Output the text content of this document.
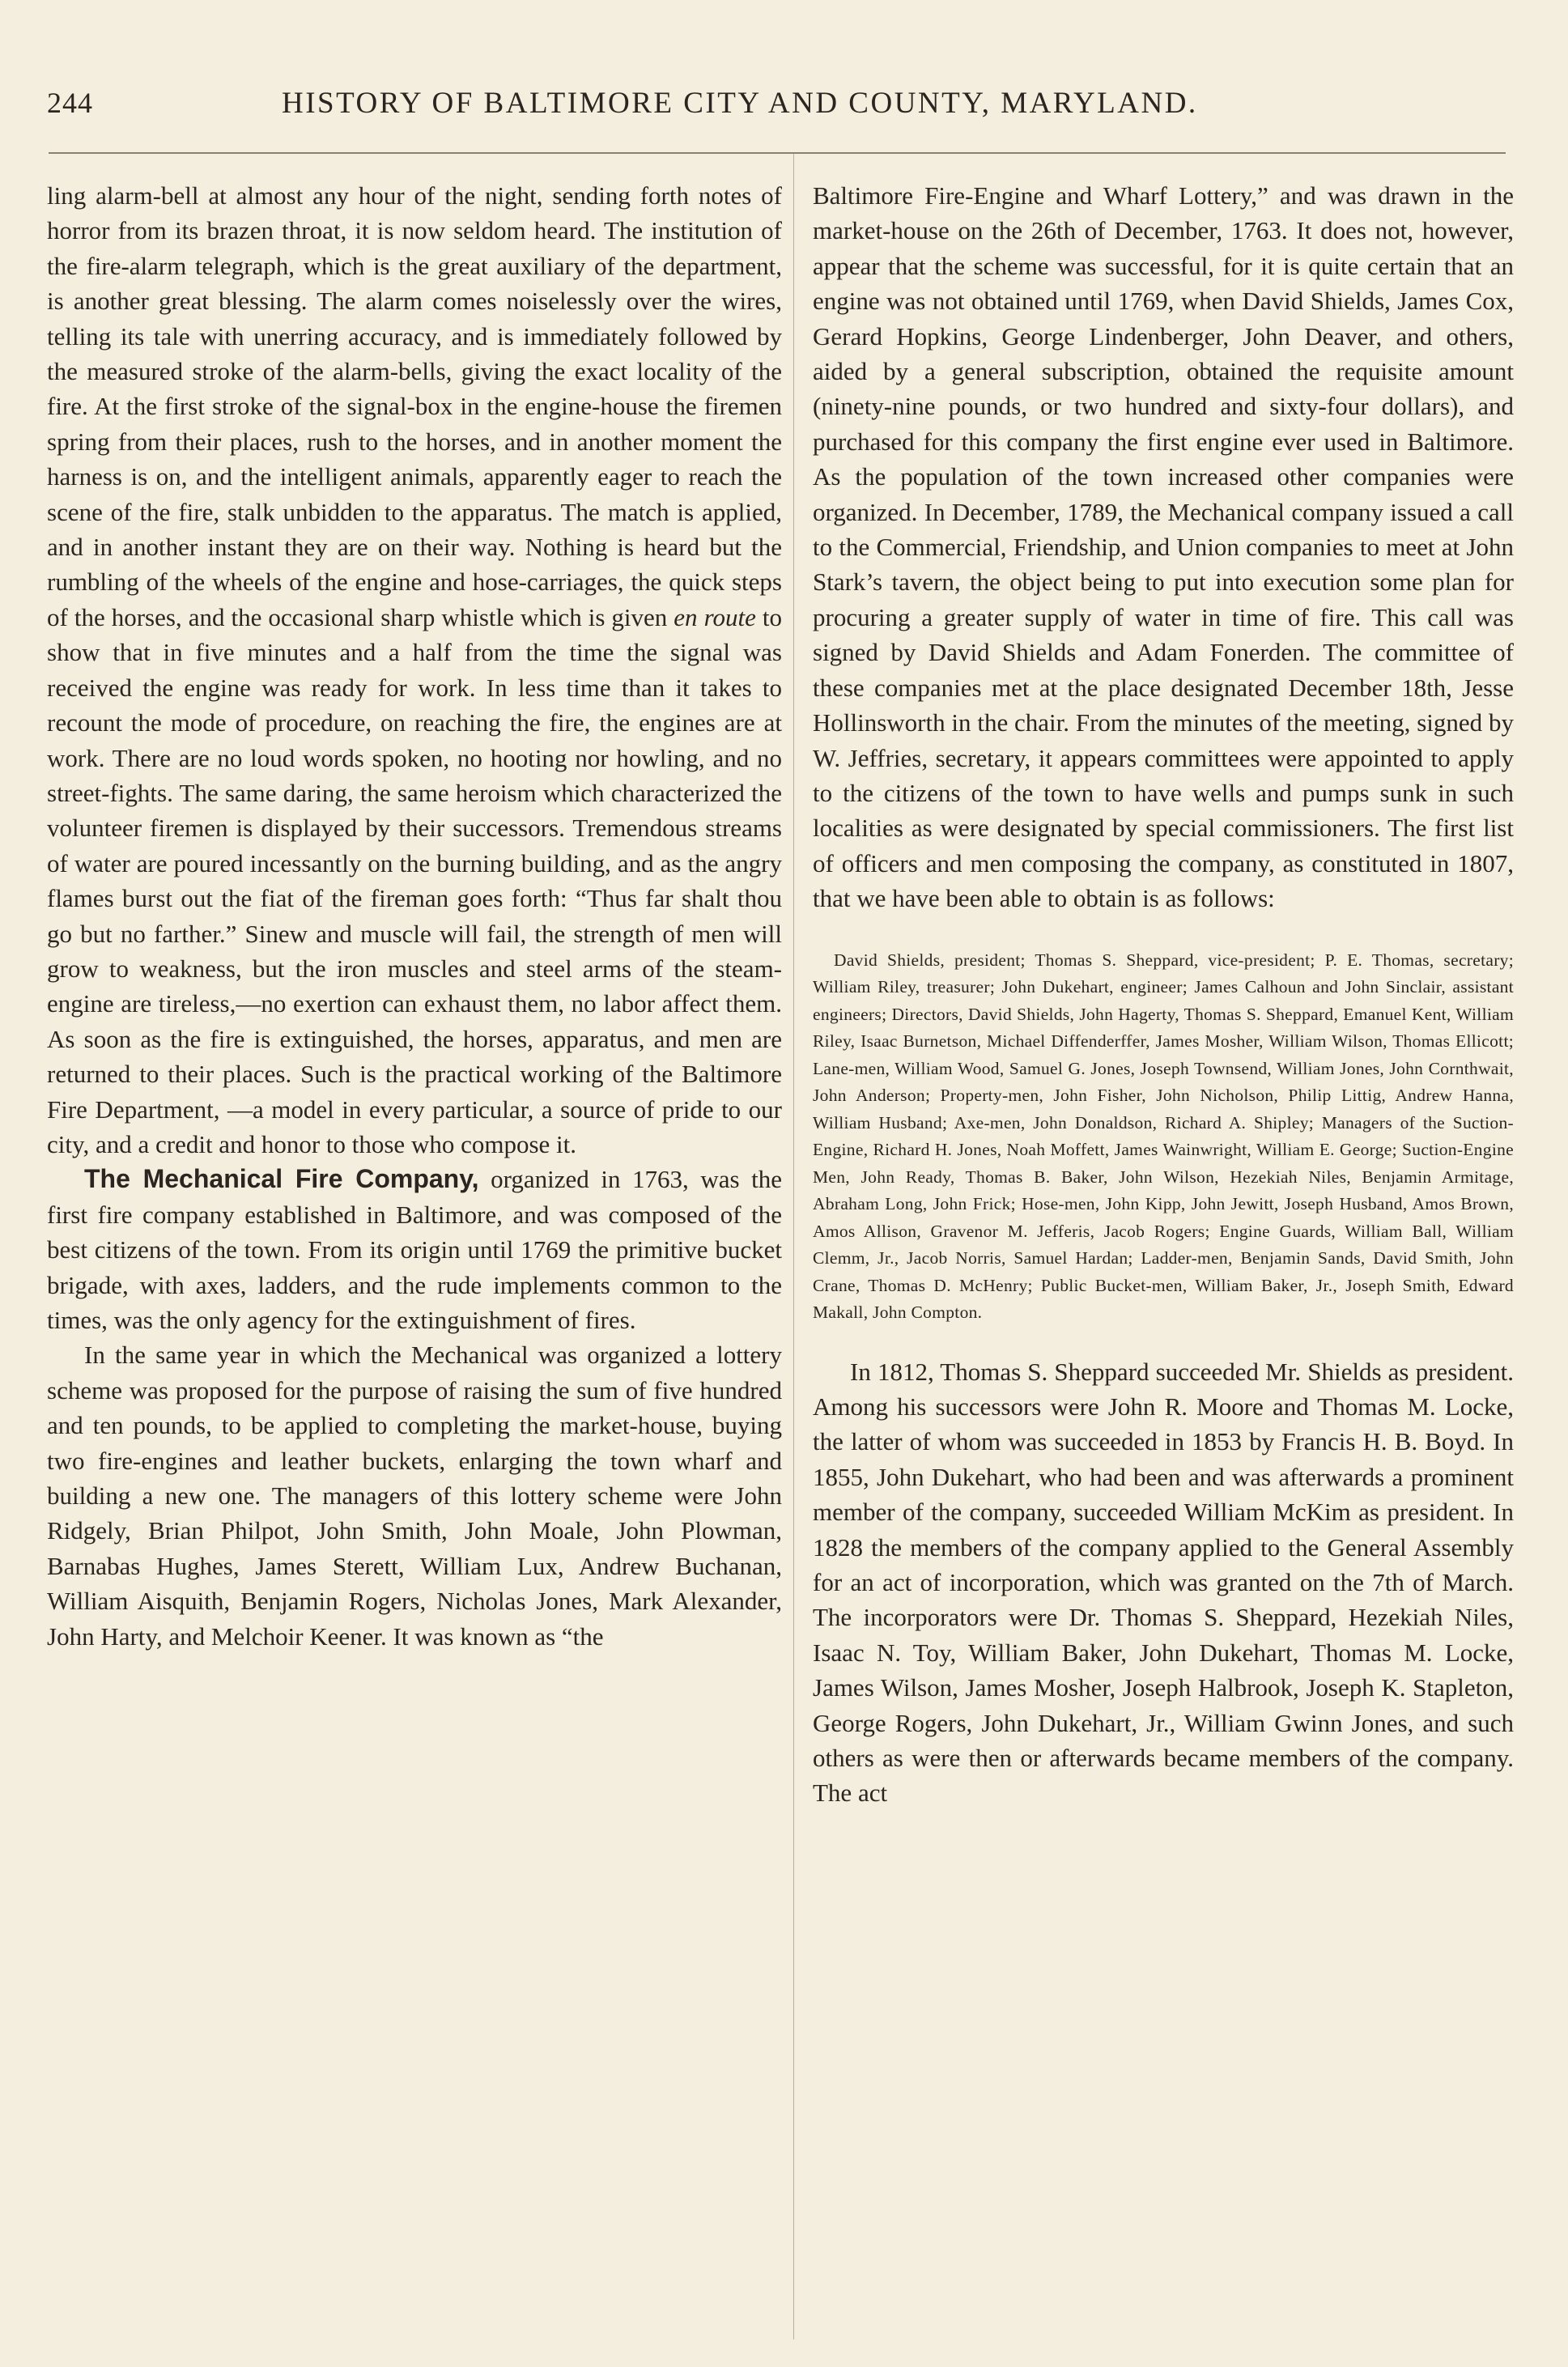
244	HISTORY OF BALTIMORE CITY AND COUNTY, MARYLAND.

ling alarm-bell at almost any hour of the night, sending forth notes of horror from its brazen throat, it is now seldom heard. The institution of the fire-alarm telegraph, which is the great auxiliary of the department, is another great blessing. The alarm comes noiselessly over the wires, telling its tale with unerring accuracy, and is immediately followed by the measured stroke of the alarm-bells, giving the exact locality of the fire. At the first stroke of the signal-box in the engine-house the firemen spring from their places, rush to the horses, and in another moment the harness is on, and the intelligent animals, apparently eager to reach the scene of the fire, stalk unbidden to the apparatus. The match is applied, and in another instant they are on their way. Nothing is heard but the rumbling of the wheels of the engine and hose-carriages, the quick steps of the horses, and the occasional sharp whistle which is given en route to show that in five minutes and a half from the time the signal was received the engine was ready for work. In less time than it takes to recount the mode of procedure, on reaching the fire, the engines are at work. There are no loud words spoken, no hooting nor howling, and no street-fights. The same daring, the same heroism which characterized the volunteer firemen is displayed by their successors. Tremendous streams of water are poured incessantly on the burning building, and as the angry flames burst out the fiat of the fireman goes forth: “Thus far shalt thou go but no farther.” Sinew and muscle will fail, the strength of men will grow to weakness, but the iron muscles and steel arms of the steam-engine are tireless,—no exertion can exhaust them, no labor affect them. As soon as the fire is extinguished, the horses, apparatus, and men are returned to their places. Such is the practical working of the Baltimore Fire Department, —a model in every particular, a source of pride to our city, and a credit and honor to those who compose it.

The Mechanical Fire Company, organized in 1763, was the first fire company established in Baltimore, and was composed of the best citizens of the town. From its origin until 1769 the primitive bucket brigade, with axes, ladders, and the rude implements common to the times, was the only agency for the extinguishment of fires.

In the same year in which the Mechanical was organized a lottery scheme was proposed for the purpose of raising the sum of five hundred and ten pounds, to be applied to completing the market-house, buying two fire-engines and leather buckets, enlarging the town wharf and building a new one. The managers of this lottery scheme were John Ridgely, Brian Philpot, John Smith, John Moale, John Plowman, Barnabas Hughes, James Sterett, William Lux, Andrew Buchanan, William Aisquith, Benjamin Rogers, Nicholas Jones, Mark Alexander, John Harty, and Melchoir Keener. It was known as “the

Baltimore Fire-Engine and Wharf Lottery,” and was drawn in the market-house on the 26th of December, 1763. It does not, however, appear that the scheme was successful, for it is quite certain that an engine was not obtained until 1769, when David Shields, James Cox, Gerard Hopkins, George Lindenberger, John Deaver, and others, aided by a general subscription, obtained the requisite amount (ninety-nine pounds, or two hundred and sixty-four dollars), and purchased for this company the first engine ever used in Baltimore. As the population of the town increased other companies were organized. In December, 1789, the Mechanical company issued a call to the Commercial, Friendship, and Union companies to meet at John Stark’s tavern, the object being to put into execution some plan for procuring a greater supply of water in time of fire. This call was signed by David Shields and Adam Fonerden. The committee of these companies met at the place designated December 18th, Jesse Hollinsworth in the chair. From the minutes of the meeting, signed by W. Jeffries, secretary, it appears committees were appointed to apply to the citizens of the town to have wells and pumps sunk in such localities as were designated by special commissioners. The first list of officers and men composing the company, as constituted in 1807, that we have been able to obtain is as follows:

David Shields, president; Thomas S. Sheppard, vice-president; P. E. Thomas, secretary; William Riley, treasurer; John Dukehart, engineer; James Calhoun and John Sinclair, assistant engineers; Directors, David Shields, John Hagerty, Thomas S. Sheppard, Emanuel Kent, William Riley, Isaac Burnetson, Michael Diffenderffer, James Mosher, William Wilson, Thomas Ellicott; Lane-men, William Wood, Samuel G. Jones, Joseph Townsend, William Jones, John Cornthwait, John Anderson; Property-men, John Fisher, John Nicholson, Philip Littig, Andrew Hanna, William Husband; Axe-men, John Donaldson, Richard A. Shipley; Managers of the Suction-Engine, Richard H. Jones, Noah Moffett, James Wainwright, William E. George; Suction-Engine Men, John Ready, Thomas B. Baker, John Wilson, Hezekiah Niles, Benjamin Armitage, Abraham Long, John Frick; Hose-men, John Kipp, John Jewitt, Joseph Husband, Amos Brown, Amos Allison, Gravenor M. Jefferis, Jacob Rogers; Engine Guards, William Ball, William Clemm, Jr., Jacob Norris, Samuel Hardan; Ladder-men, Benjamin Sands, David Smith, John Crane, Thomas D. McHenry; Public Bucket-men, William Baker, Jr., Joseph Smith, Edward Makall, John Compton.

In 1812, Thomas S. Sheppard succeeded Mr. Shields as president. Among his successors were John R. Moore and Thomas M. Locke, the latter of whom was succeeded in 1853 by Francis H. B. Boyd. In 1855, John Dukehart, who had been and was afterwards a prominent member of the company, succeeded William McKim as president. In 1828 the members of the company applied to the General Assembly for an act of incorporation, which was granted on the 7th of March. The incorporators were Dr. Thomas S. Sheppard, Hezekiah Niles, Isaac N. Toy, William Baker, John Dukehart, Thomas M. Locke, James Wilson, James Mosher, Joseph Halbrook, Joseph K. Stapleton, George Rogers, John Dukehart, Jr., William Gwinn Jones, and such others as were then or afterwards became members of the company. The act
